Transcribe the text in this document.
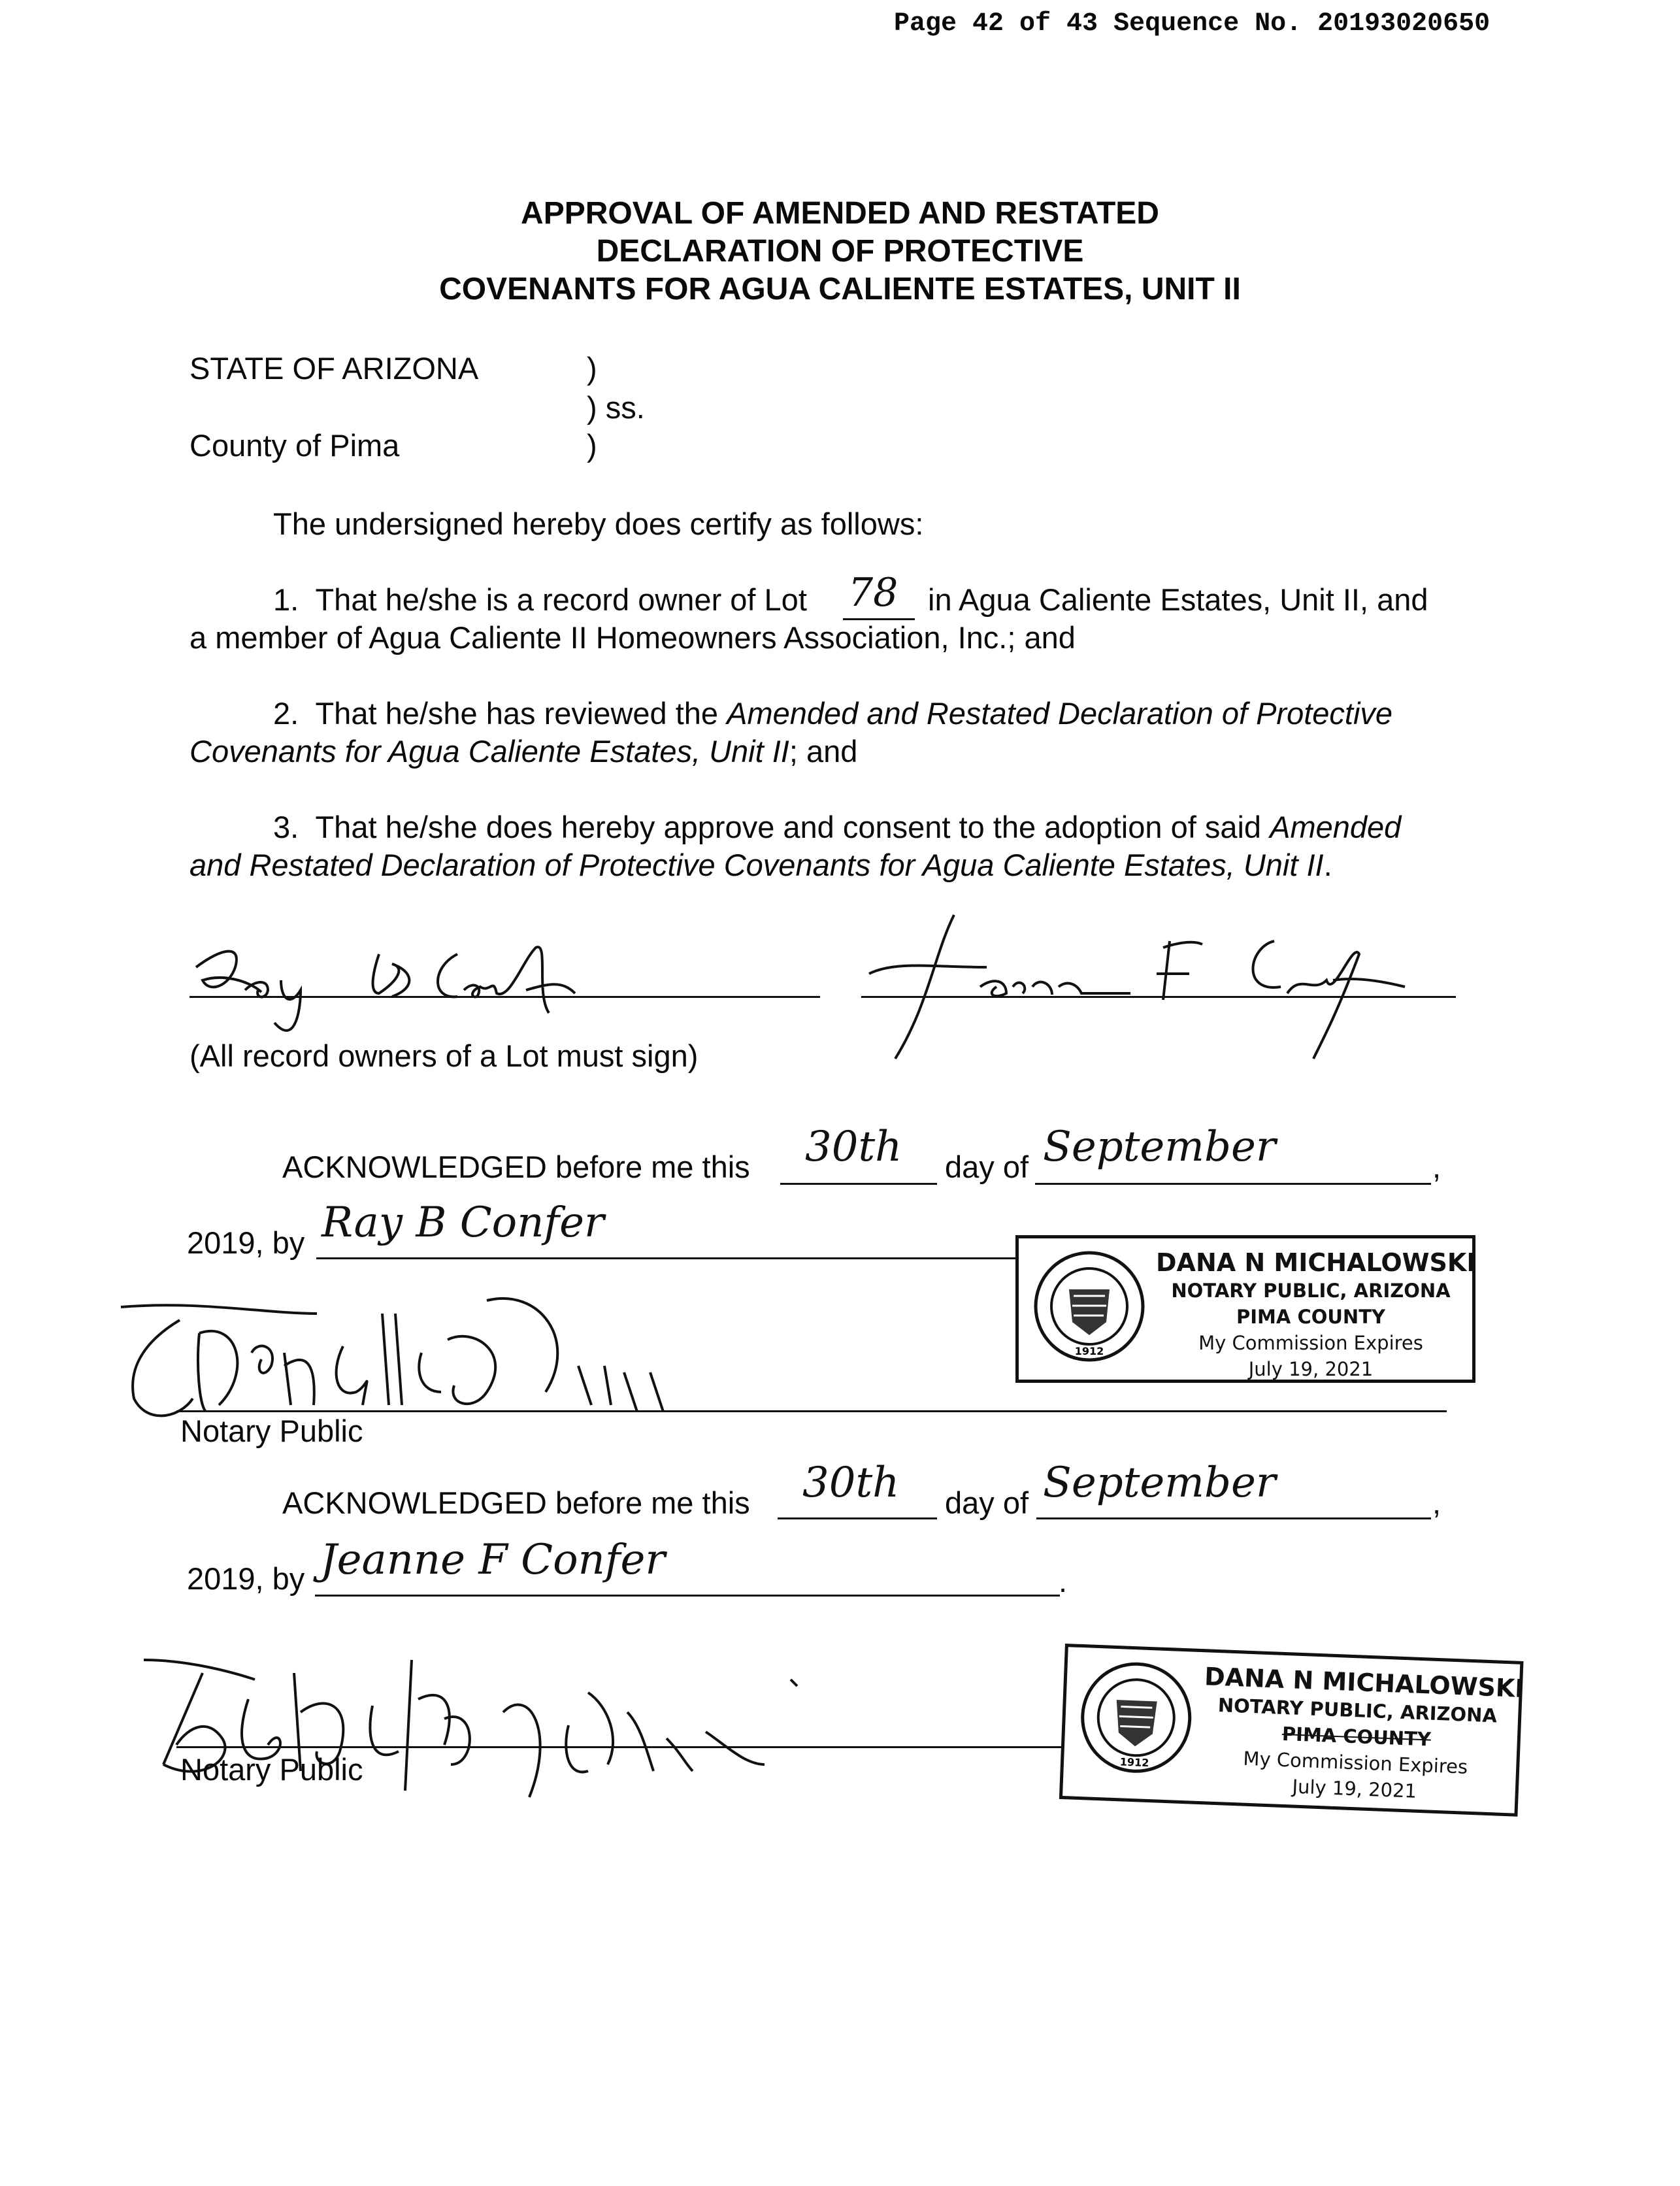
Page 42 of 43 Sequence No. 20193020650
APPROVAL OF AMENDED AND RESTATED
DECLARATION OF PROTECTIVE
COVENANTS FOR AGUA CALIENTE ESTATES, UNIT II
STATE OF ARIZONA	)
) ss.
County of Pima	)
The undersigned hereby does certify as follows:
1.  That he/she is a record owner of Lot 78 in Agua Caliente Estates, Unit II, and
a member of Agua Caliente II Homeowners Association, Inc.; and
2.  That he/she has reviewed the Amended and Restated Declaration of Protective
Covenants for Agua Caliente Estates, Unit II; and
3.  That he/she does hereby approve and consent to the adoption of said Amended
and Restated Declaration of Protective Covenants for Agua Caliente Estates, Unit II.
(All record owners of a Lot must sign)
ACKNOWLEDGED before me this 30th day of September	,
2019, by Ray B Confer
Notary Public
1912
DANA N MICHALOWSKI
NOTARY PUBLIC, ARIZONA
PIMA COUNTY
My Commission Expires
July 19, 2021
ACKNOWLEDGED before me this 30th day of September	,
2019, by Jeanne F Confer	.
Notary Public	1912
DANA N MICHALOWSKI
NOTARY PUBLIC, ARIZONA
PIMA COUNTY
My Commission Expires
July 19, 2021
